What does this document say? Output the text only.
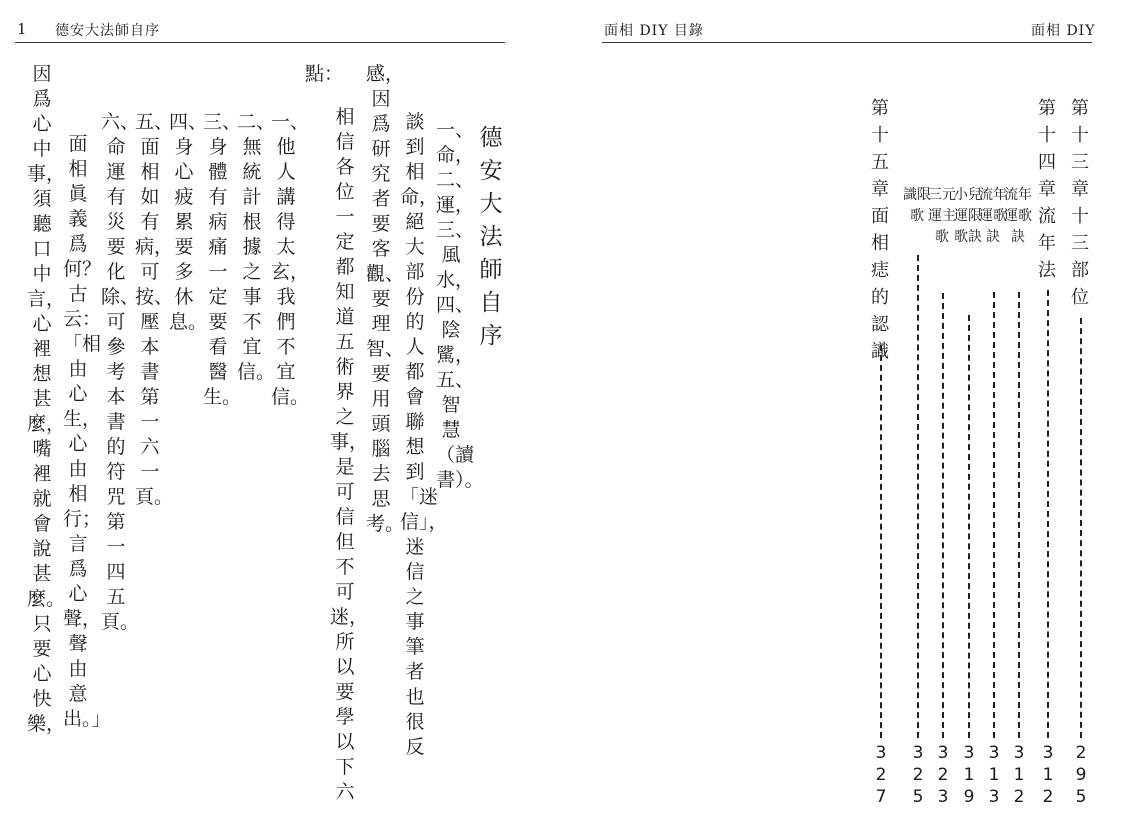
1 德安大法師自序
德安大法師自序
一、命，二、運，三、風水，四、陰騭，五、智慧（讀書）。
談到相命，絕大部份的人都會聯想到「迷信」，迷信之事筆者也很反
感，因爲研究者要客觀、要理智、要用頭腦去思考。
相信各位一定都知道五術界之事，是可信但不可迷，所以要學以下六
點：
一、他人講得太玄，我們不宜信。
二、無統計根據之事不宜信。
三、身體有病痛一定要看醫生。
四、身心疲累要多休息。
五、面相如有病，可按、壓本書第　一六一頁。
六、命運有災要化除、可參考本書的符咒第　一四五頁。
面相眞義爲何？古云：「相由心生，心由相行；言爲心聲，聲由意出。」
因爲心中事，須聽口中言，心裡想甚麼，嘴裡就會說甚麼。只要心快樂，
面相 DIY 目錄	面相 DIY
第十三章十三部位
295
第十四章流年法
312
流年運歌訣
312
流年運歌訣
313
小兒運限歌訣
319
三元運主歌
323
識限歌
325
第十五章面相痣的認識
327
